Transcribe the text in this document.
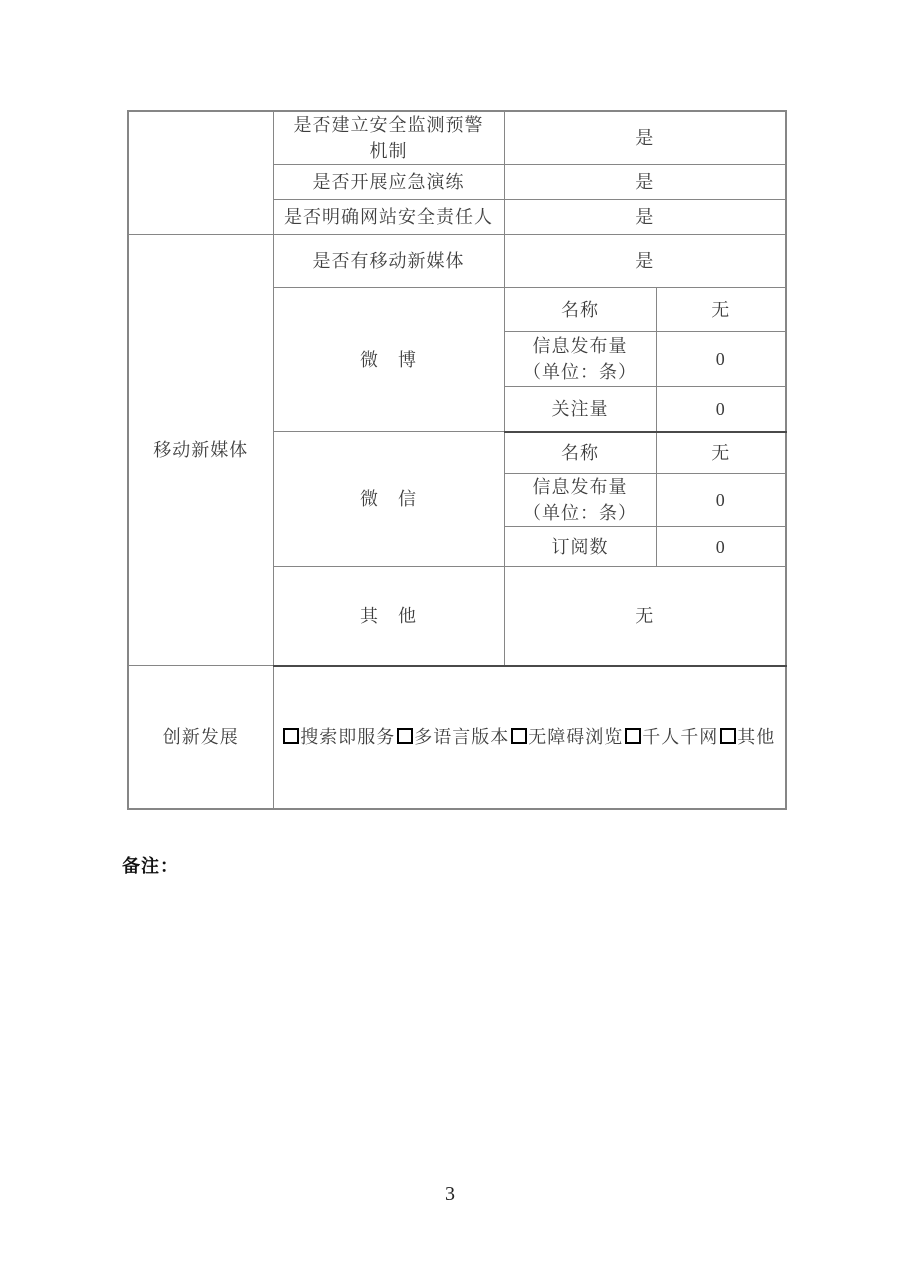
	是否建立安全监测预警
机制	是	
	是否开展应急演练	是	
	是否明确网站安全责任人	是	
移动新媒体	是否有移动新媒体	是	
	微　博	名称	无

		信息发布量
（单位：条）	0
		关注量	0
	微　信	名称	无

		信息发布量
（单位：条）	0
		订阅数	0
	其　他	无	
创新发展	搜索即服务 多语言版本 无障碍浏览 千人千网 其他		
备注：
3
